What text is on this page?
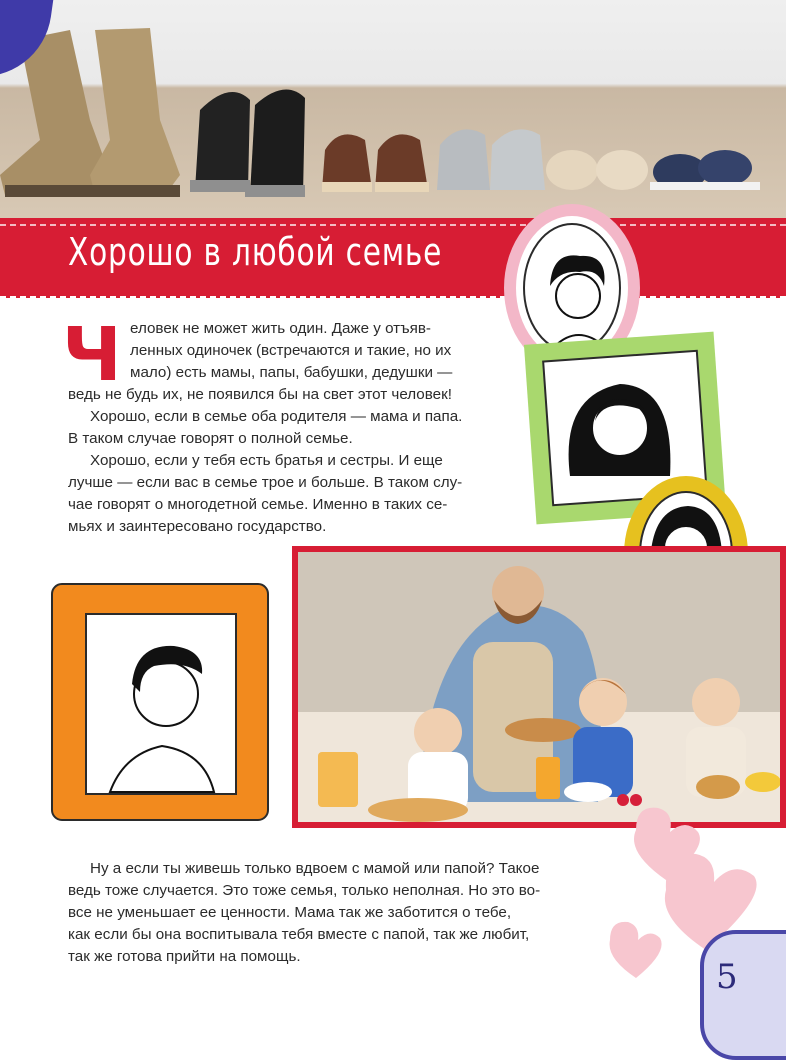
Хорошо в любой семье
Ч еловек не может жить один. Даже у отъяв-
ленных одиночек (встречаются и такие, но их
мало) есть мамы, папы, бабушки, дедушки —
ведь не будь их, не появился бы на свет этот человек!
Хорошо, если в семье оба родителя — мама и папа.
В таком случае говорят о полной семье.
Хорошо, если у тебя есть братья и сестры. И еще
лучше — если вас в семье трое и больше. В таком слу-
чае говорят о многодетной семье. Именно в таких се-
мьях и заинтересовано государство.
Ну а если ты живешь только вдвоем с мамой или папой? Такое
ведь тоже случается. Это тоже семья, только неполная. Но это во-
все не уменьшает ее ценности. Мама так же заботится о тебе,
как если бы она воспитывала тебя вместе с папой, так же любит,
так же готова прийти на помощь.
5
